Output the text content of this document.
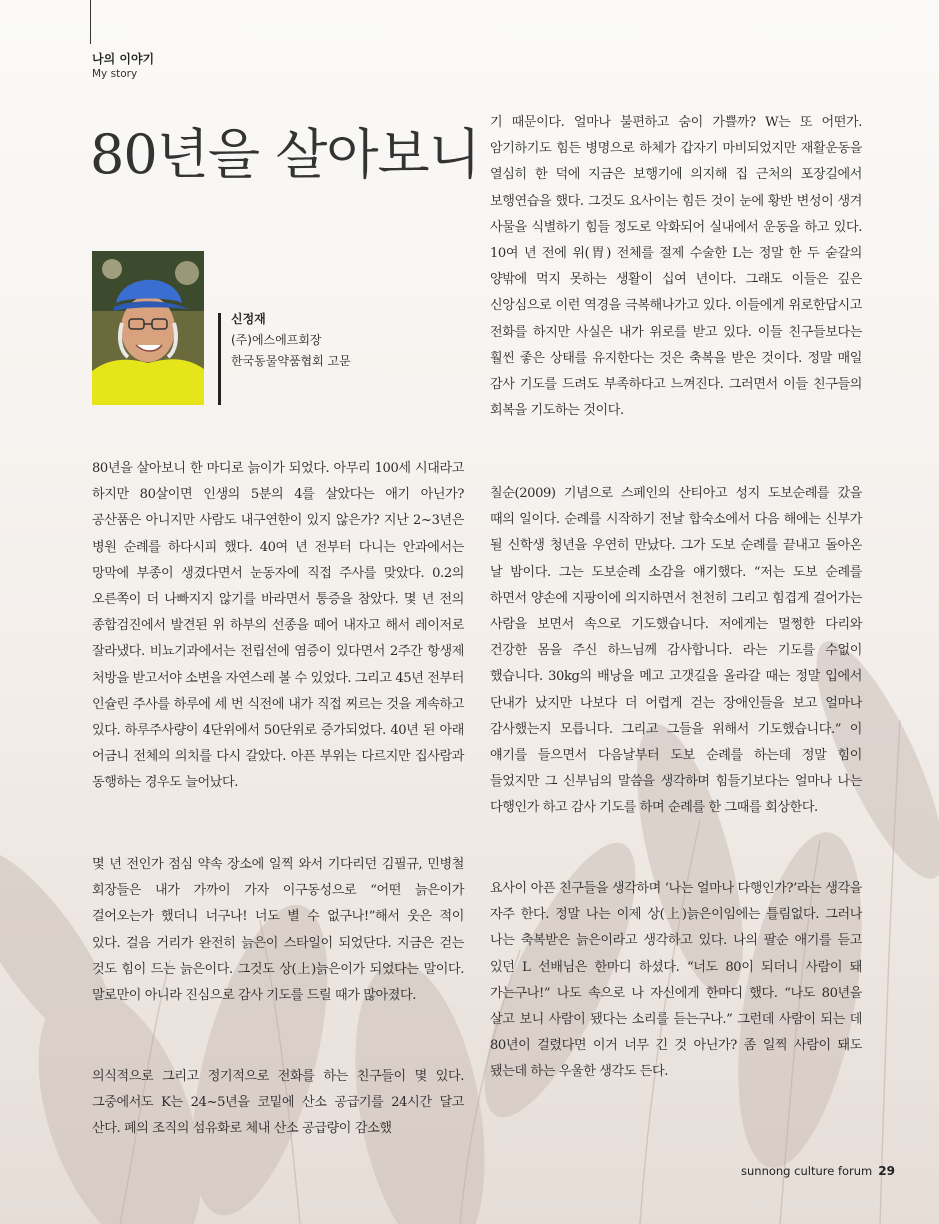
나의 이야기
My story
80년을 살아보니
신정재
(주)에스에프회장
한국동물약품협회 고문

80년을 살아보니 한 마디로 늙이가 되었다. 아무리 100세 시대라고 하지만 80살이면 인생의 5분의 4를 살았다는 애기 아닌가? 공산품은 아니지만 사람도 내구연한이 있지 않은가? 지난 2~3년은 병원 순례를 하다시피 했다. 40여 년 전부터 다니는 안과에서는 망막에 부종이 생겼다면서 눈동자에 직접 주사를 맞았다. 0.2의 오른쪽이 더 나빠지지 않기를 바라면서 통증을 참았다. 몇 년 전의 종합검진에서 발견된 위 하부의 선종을 떼어 내자고 해서 레이저로 잘라냈다. 비뇨기과에서는 전립선에 염증이 있다면서 2주간 항생제 처방을 받고서야 소변을 자연스레 볼 수 있었다. 그리고 45년 전부터 인슐린 주사를 하루에 세 번 식전에 내가 직접 찌르는 것을 계속하고 있다. 하루주사량이 4단위에서 50단위로 증가되었다. 40년 된 아래 어금니 전체의 의치를 다시 갈았다. 아픈 부위는 다르지만 집사람과 동행하는 경우도 늘어났다.

몇 년 전인가 점심 약속 장소에 일찍 와서 기다리던 김필규, 민병철 회장들은 내가 가까이 가자 이구동성으로 “어떤 늙은이가 걸어오는가 했더니 너구나! 너도 별 수 없구나!”해서 웃은 적이 있다. 걸음 거리가 완전히 늙은이 스타일이 되었단다. 지금은 걷는 것도 힘이 드는 늙은이다. 그것도 상(上)늙은이가 되었다는 말이다. 말로만이 아니라 진심으로 감사 기도를 드릴 때가 많아졌다.

의식적으로 그리고 정기적으로 전화를 하는 친구들이 몇 있다. 그중에서도 K는 24~5년을 코밑에 산소 공급기를 24시간 달고 산다. 폐의 조직의 섬유화로 체내 산소 공급량이 감소했

기 때문이다. 얼마나 불편하고 숨이 가쁠까? W는 또 어떤가. 암기하기도 힘든 병명으로 하체가 갑자기 마비되었지만 재활운동을 열심히 한 덕에 지금은 보행기에 의지해 집 근처의 포장길에서 보행연습을 했다. 그것도 요사이는 힘든 것이 눈에 황반 변성이 생겨 사물을 식별하기 힘들 정도로 악화되어 실내에서 운동을 하고 있다. 10여 년 전에 위(胃) 전체를 절제 수술한 L는 정말 한 두 숟갈의 양밖에 먹지 못하는 생활이 십여 년이다. 그래도 이들은 깊은 신앙심으로 이런 역경을 극복해나가고 있다. 이들에게 위로한답시고 전화를 하지만 사실은 내가 위로를 받고 있다. 이들 친구들보다는 훨씬 좋은 상태를 유지한다는 것은 축복을 받은 것이다. 정말 매일 감사 기도를 드려도 부족하다고 느껴진다. 그러면서 이들 친구들의 회복을 기도하는 것이다.

칠순(2009) 기념으로 스페인의 산티아고 성지 도보순례를 갔을 때의 일이다. 순례를 시작하기 전날 합숙소에서 다음 해에는 신부가 될 신학생 청년을 우연히 만났다. 그가 도보 순례를 끝내고 돌아온 날 밤이다. 그는 도보순례 소감을 얘기했다. “저는 도보 순례를 하면서 양손에 지팡이에 의지하면서 천천히 그리고 힘겹게 걸어가는 사람을 보면서 속으로 기도했습니다. 저에게는 멀쩡한 다리와 건강한 몸을 주신 하느님께 감사합니다. 라는 기도를 수없이 했습니다. 30kg의 배낭을 메고 고갯길을 올라갈 때는 정말 입에서 단내가 났지만 나보다 더 어렵게 걷는 장애인들을 보고 얼마나 감사했는지 모릅니다. 그리고 그들을 위해서 기도했습니다.” 이 얘기를 들으면서 다음날부터 도보 순례를 하는데 정말 힘이 들었지만 그 신부님의 말씀을 생각하며 힘들기보다는 얼마나 나는 다행인가 하고 감사 기도를 하며 순례를 한 그때를 회상한다.

요사이 아픈 친구들을 생각하며 ‘나는 얼마나 다행인가?’라는 생각을 자주 한다. 정말 나는 이제 상(上)늙은이임에는 틀림없다. 그러나 나는 축복받은 늙은이라고 생각하고 있다. 나의 팔순 애기를 듣고 있던 L 선배님은 한마디 하셨다. “너도 80이 되더니 사람이 돼 가는구나!” 나도 속으로 나 자신에게 한마디 했다. “나도 80년을 살고 보니 사람이 됐다는 소리를 듣는구나.” 그런데 사람이 되는 데 80년이 걸렸다면 이거 너무 긴 것 아닌가? 좀 일찍 사람이 돼도 됐는데 하는 우울한 생각도 든다.

sunnong culture forum 29
